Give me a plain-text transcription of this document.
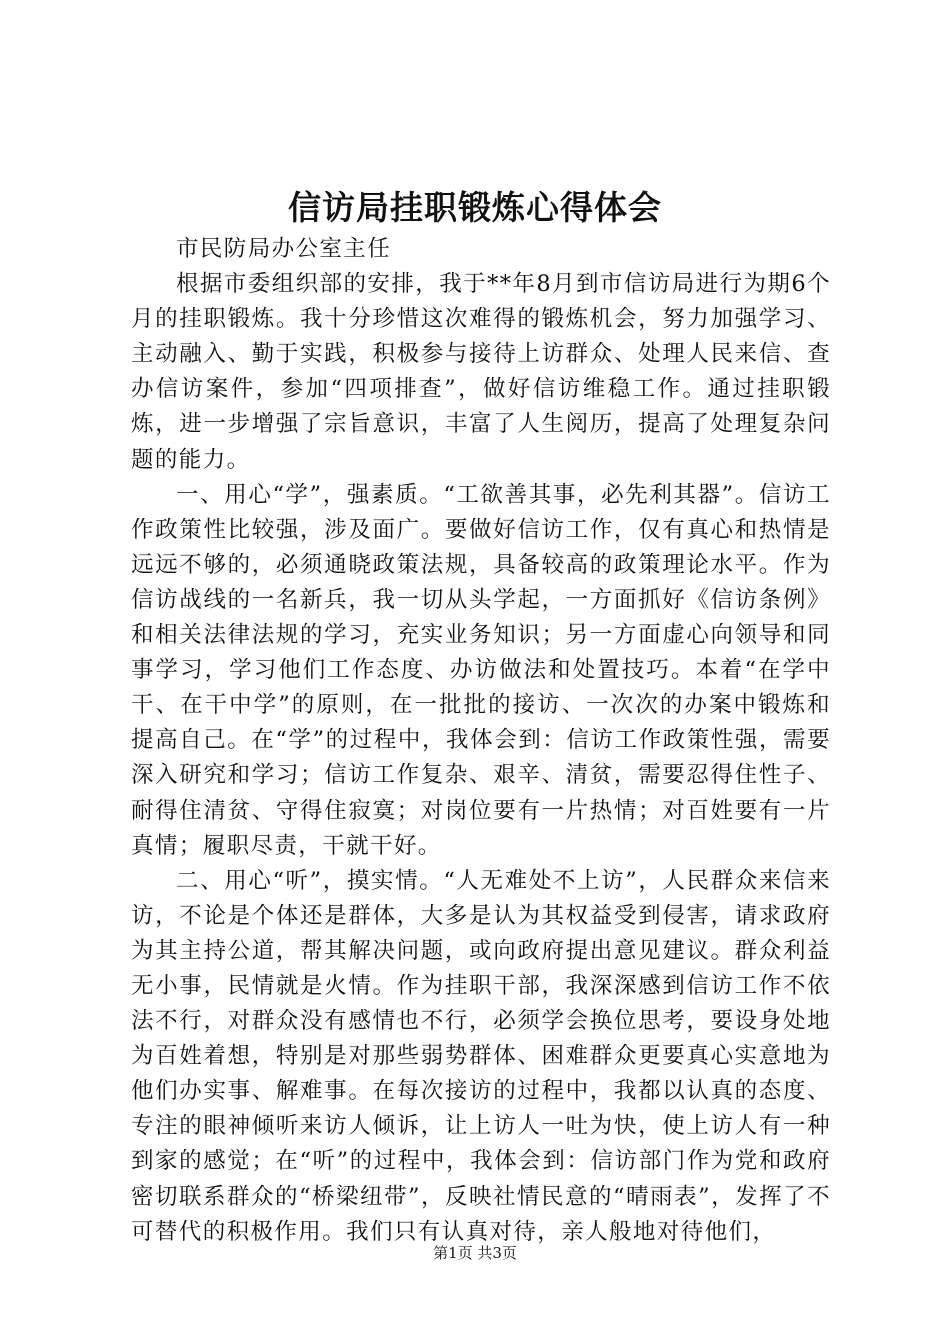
信访局挂职锻炼心得体会

市民防局办公室主任

根据市委组织部的安排，我于**年8月到市信访局进行为期6个月的挂职锻炼。我十分珍惜这次难得的锻炼机会，努力加强学习、主动融入、勤于实践，积极参与接待上访群众、处理人民来信、查办信访案件，参加“四项排查”，做好信访维稳工作。通过挂职锻炼，进一步增强了宗旨意识，丰富了人生阅历，提高了处理复杂问题的能力。

一、用心“学”，强素质。“工欲善其事，必先利其器”。信访工作政策性比较强，涉及面广。要做好信访工作，仅有真心和热情是远远不够的，必须通晓政策法规，具备较高的政策理论水平。作为信访战线的一名新兵，我一切从头学起，一方面抓好《信访条例》和相关法律法规的学习，充实业务知识；另一方面虚心向领导和同事学习，学习他们工作态度、办访做法和处置技巧。本着“在学中干、在干中学”的原则，在一批批的接访、一次次的办案中锻炼和提高自己。在“学”的过程中，我体会到：信访工作政策性强，需要深入研究和学习；信访工作复杂、艰辛、清贫，需要忍得住性子、耐得住清贫、守得住寂寞；对岗位要有一片热情；对百姓要有一片真情；履职尽责，干就干好。

二、用心“听”，摸实情。“人无难处不上访”，人民群众来信来访，不论是个体还是群体，大多是认为其权益受到侵害，请求政府为其主持公道，帮其解决问题，或向政府提出意见建议。群众利益无小事，民情就是火情。作为挂职干部，我深深感到信访工作不依法不行，对群众没有感情也不行，必须学会换位思考，要设身处地为百姓着想，特别是对那些弱势群体、困难群众更要真心实意地为他们办实事、解难事。在每次接访的过程中，我都以认真的态度、专注的眼神倾听来访人倾诉，让上访人一吐为快，使上访人有一种到家的感觉；在“听”的过程中，我体会到：信访部门作为党和政府密切联系群众的“桥梁纽带”，反映社情民意的“晴雨表”，发挥了不可替代的积极作用。我们只有认真对待，亲人般地对待他们，

第1页 共3页
